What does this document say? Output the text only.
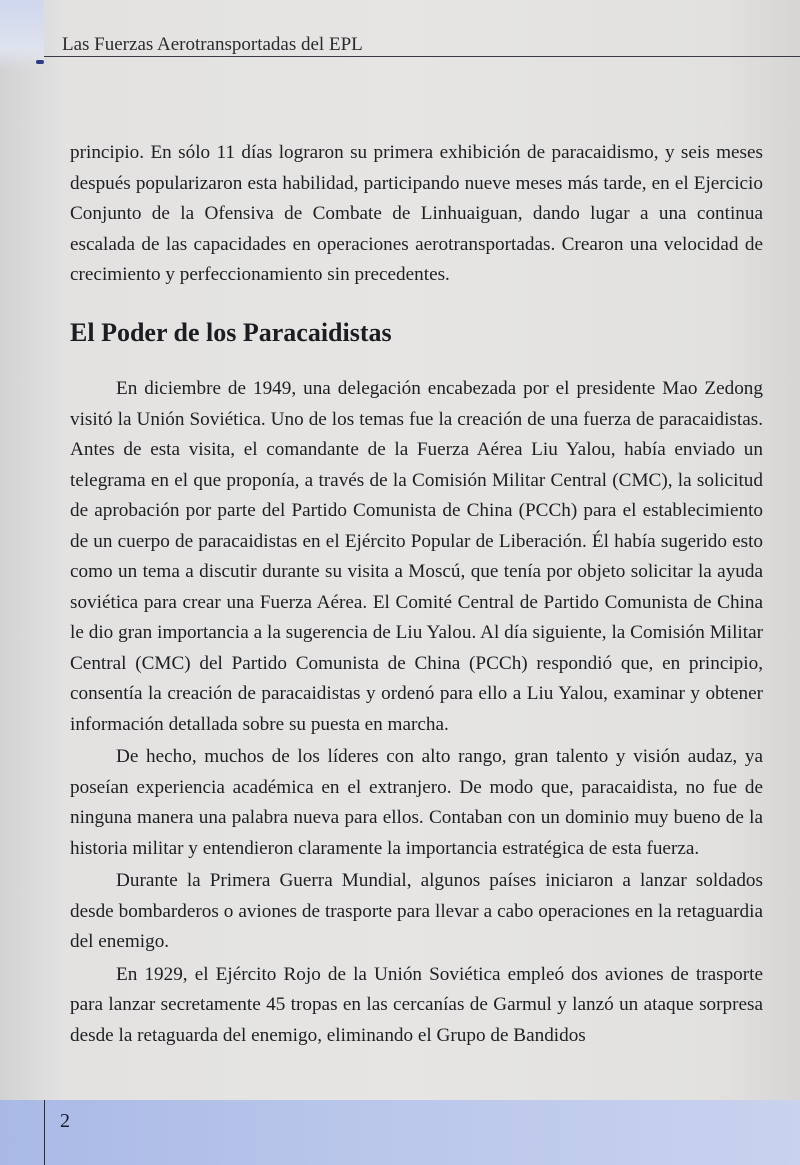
Las Fuerzas Aerotransportadas del EPL

principio. En sólo 11 días lograron su primera exhibición de paracaidismo, y seis meses después popularizaron esta habilidad, participando nueve meses más tarde, en el Ejercicio Conjunto de la Ofensiva de Combate de Linhuaiguan, dando lugar a una continua escalada de las capacidades en operaciones aerotransportadas. Crearon una velocidad de crecimiento y perfeccionamiento sin precedentes.

El Poder de los Paracaidistas

En diciembre de 1949, una delegación encabezada por el presidente Mao Zedong visitó la Unión Soviética. Uno de los temas fue la creación de una fuerza de paracaidistas. Antes de esta visita, el comandante de la Fuerza Aérea Liu Yalou, había enviado un telegrama en el que proponía, a través de la Comisión Militar Central (CMC), la solicitud de aprobación por parte del Partido Comunista de China (PCCh) para el establecimiento de un cuerpo de paracaidistas en el Ejército Popular de Liberación. Él había sugerido esto como un tema a discutir durante su visita a Moscú, que tenía por objeto solicitar la ayuda soviética para crear una Fuerza Aérea. El Comité Central de Partido Comunista de China le dio gran importancia a la sugerencia de Liu Yalou. Al día siguiente, la Comisión Militar Central (CMC) del Partido Comunista de China (PCCh) respondió que, en principio, consentía la creación de paracaidistas y ordenó para ello a Liu Yalou, examinar y obtener información detallada sobre su puesta en marcha.

De hecho, muchos de los líderes con alto rango, gran talento y visión audaz, ya poseían experiencia académica en el extranjero. De modo que, paracaidista, no fue de ninguna manera una palabra nueva para ellos. Contaban con un dominio muy bueno de la historia militar y entendieron claramente la importancia estratégica de esta fuerza.

Durante la Primera Guerra Mundial, algunos países iniciaron a lanzar soldados desde bombarderos o aviones de trasporte para llevar a cabo operaciones en la retaguardia del enemigo.

En 1929, el Ejército Rojo de la Unión Soviética empleó dos aviones de trasporte para lanzar secretamente 45 tropas en las cercanías de Garmul y lanzó un ataque sorpresa desde la retaguarda del enemigo, eliminando el Grupo de Bandidos

2
